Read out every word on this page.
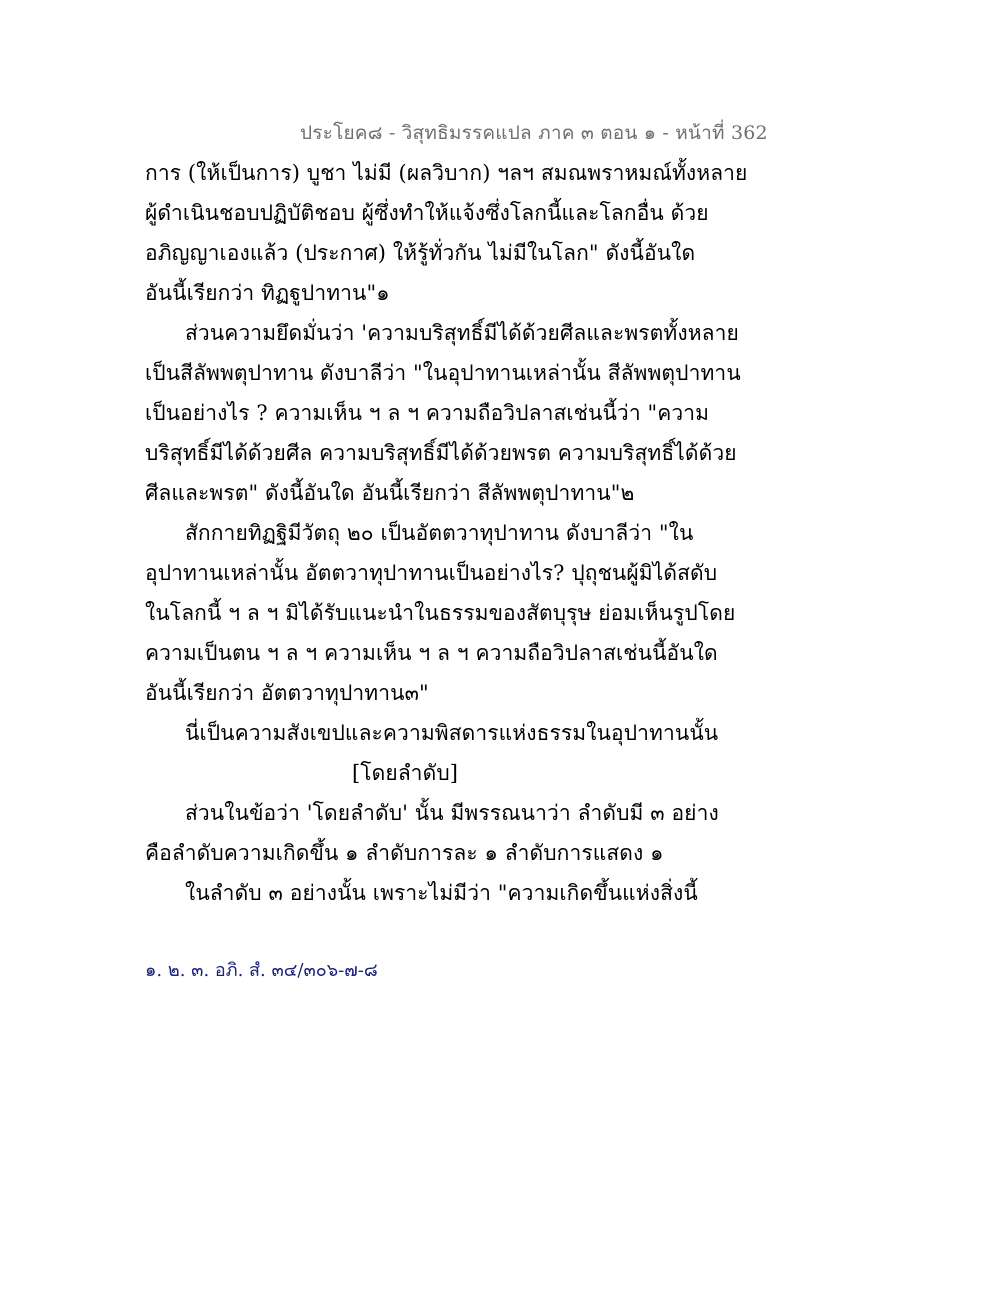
ประโยค๘ - วิสุทธิมรรคแปล ภาค ๓ ตอน ๑ - หน้าที่ 362
การ (ให้เป็นการ) บูชา ไม่มี (ผลวิบาก) ฯลฯ สมณพราหมณ์ทั้งหลาย
ผู้ดำเนินชอบปฏิบัติชอบ ผู้ซึ่งทำให้แจ้งซึ่งโลกนี้และโลกอื่น ด้วย
อภิญญาเองแล้ว (ประกาศ) ให้รู้ทั่วกัน ไม่มีในโลก" ดังนี้อันใด
อันนี้เรียกว่า ทิฏฐูปาทาน"๑
ส่วนความยึดมั่นว่า 'ความบริสุทธิ์มีได้ด้วยศีลและพรตทั้งหลาย
เป็นสีลัพพตุปาทาน ดังบาลีว่า "ในอุปาทานเหล่านั้น สีลัพพตุปาทาน
เป็นอย่างไร ? ความเห็น ฯ ล ฯ ความถือวิปลาสเช่นนี้ว่า "ความ
บริสุทธิ์มีได้ด้วยศีล ความบริสุทธิ์มีได้ด้วยพรต ความบริสุทธิ์ได้ด้วย
ศีลและพรต" ดังนี้อันใด อันนี้เรียกว่า สีลัพพตุปาทาน"๒
สักกายทิฏฐิมีวัตถุ ๒๐ เป็นอัตตวาทุปาทาน ดังบาลีว่า "ใน
อุปาทานเหล่านั้น อัตตวาทุปาทานเป็นอย่างไร? ปุถุชนผู้มิได้สดับ
ในโลกนี้ ฯ ล ฯ มิได้รับแนะนำในธรรมของสัตบุรุษ ย่อมเห็นรูปโดย
ความเป็นตน ฯ ล ฯ ความเห็น ฯ ล ฯ ความถือวิปลาสเช่นนี้อันใด
อันนี้เรียกว่า อัตตวาทุปาทาน๓"
นี่เป็นความสังเขปและความพิสดารแห่งธรรมในอุปาทานนั้น
[โดยลำดับ]
ส่วนในข้อว่า 'โดยลำดับ' นั้น มีพรรณนาว่า ลำดับมี ๓ อย่าง
คือลำดับความเกิดขึ้น ๑ ลำดับการละ ๑ ลำดับการแสดง ๑
ในลำดับ ๓ อย่างนั้น เพราะไม่มีว่า "ความเกิดขึ้นแห่งสิ่งนี้
๑. ๒. ๓. อภิ. สํ. ๓๔/๓๐๖-๗-๘
